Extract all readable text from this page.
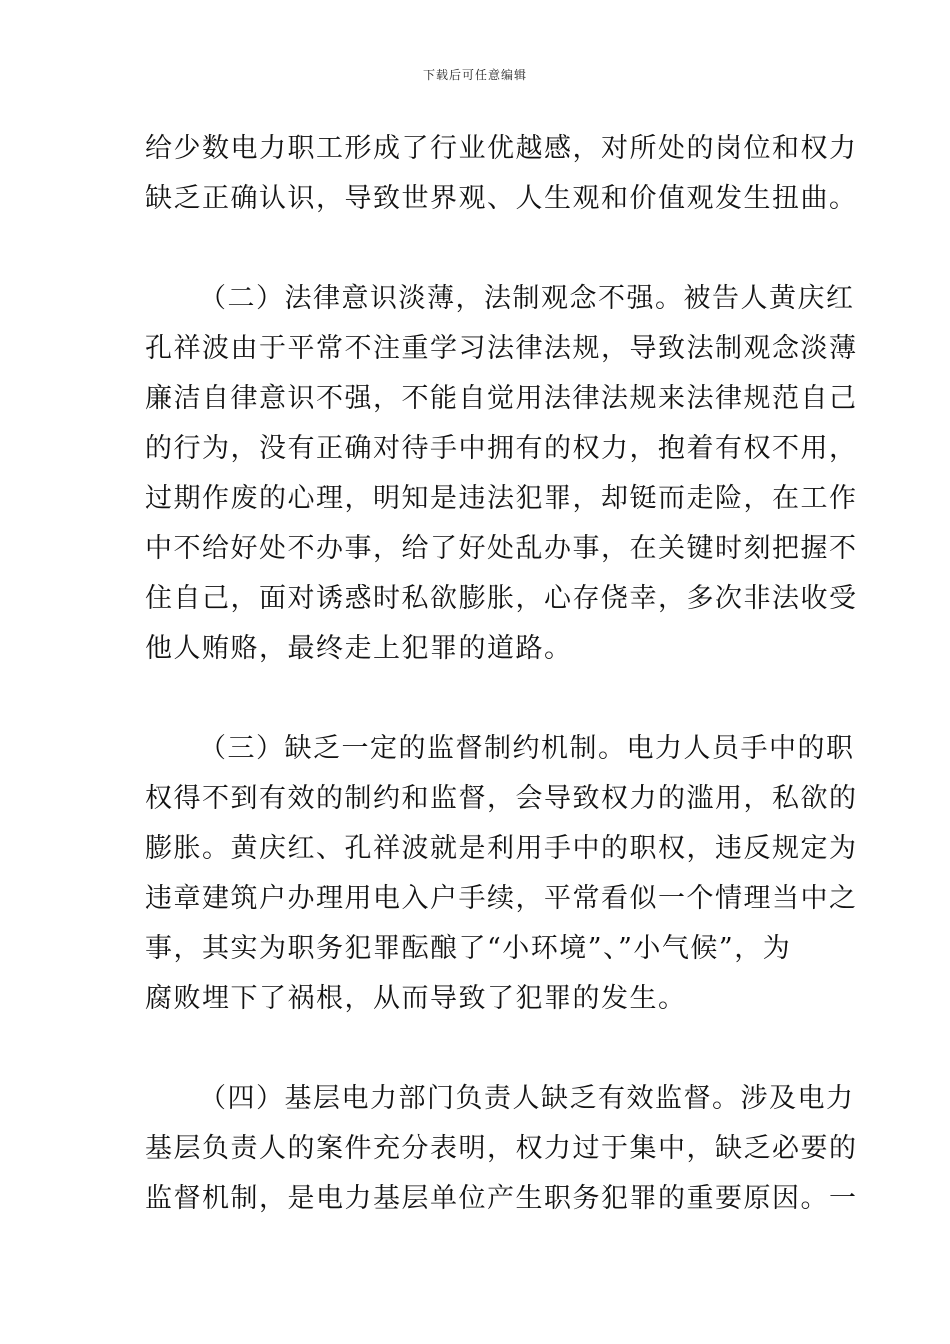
下载后可任意编辑

给少数电力职工形成了行业优越感，对所处的岗位和权力
缺乏正确认识，导致世界观、人生观和价值观发生扭曲。

（二）法律意识淡薄，法制观念不强。被告人黄庆红
孔祥波由于平常不注重学习法律法规，导致法制观念淡薄
廉洁自律意识不强，不能自觉用法律法规来法律规范自己
的行为，没有正确对待手中拥有的权力，抱着有权不用，
过期作废的心理，明知是违法犯罪，却铤而走险，在工作
中不给好处不办事，给了好处乱办事，在关键时刻把握不
住自己，面对诱惑时私欲膨胀，心存侥幸，多次非法收受
他人贿赂，最终走上犯罪的道路。

（三）缺乏一定的监督制约机制。电力人员手中的职
权得不到有效的制约和监督，会导致权力的滥用，私欲的
膨胀。黄庆红、孔祥波就是利用手中的职权，违反规定为
违章建筑户办理用电入户手续，平常看似一个情理当中之
事，其实为职务犯罪酝酿了“小环境”、”小气候”，为
腐败埋下了祸根，从而导致了犯罪的发生。

（四）基层电力部门负责人缺乏有效监督。涉及电力
基层负责人的案件充分表明，权力过于集中，缺乏必要的
监督机制，是电力基层单位产生职务犯罪的重要原因。一
